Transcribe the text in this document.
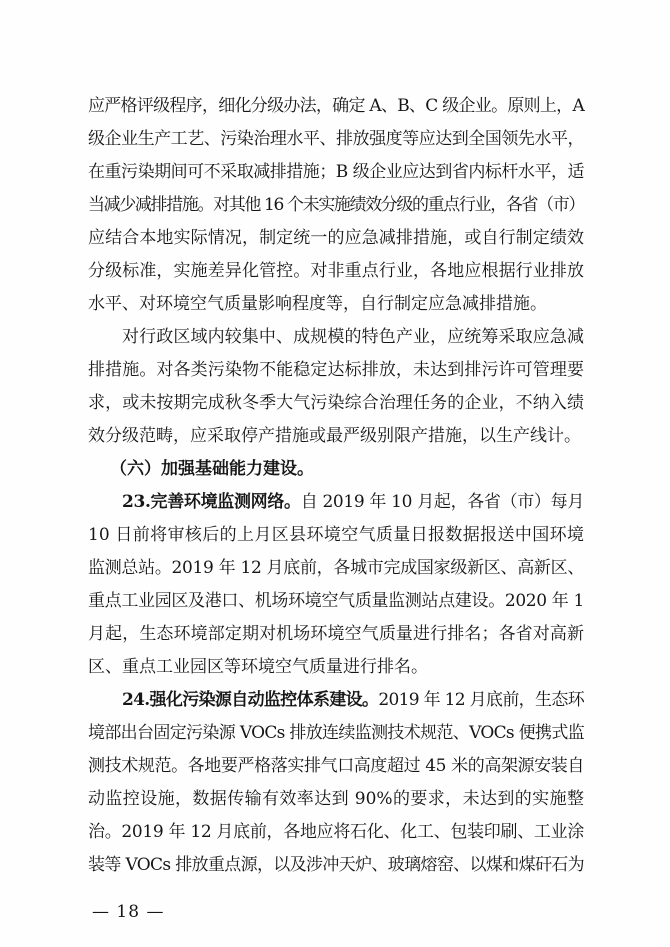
应严格评级程序，细化分级办法，确定 A、B、C 级企业。原则上，A
级企业生产工艺、污染治理水平、排放强度等应达到全国领先水平，
在重污染期间可不采取减排措施；B 级企业应达到省内标杆水平，适
当减少减排措施。对其他 16 个未实施绩效分级的重点行业，各省（市）
应结合本地实际情况，制定统一的应急减排措施，或自行制定绩效
分级标准，实施差异化管控。对非重点行业，各地应根据行业排放
水平、对环境空气质量影响程度等，自行制定应急减排措施。
对行政区域内较集中、成规模的特色产业，应统筹采取应急减
排措施。对各类污染物不能稳定达标排放，未达到排污许可管理要
求，或未按期完成秋冬季大气污染综合治理任务的企业，不纳入绩
效分级范畴，应采取停产措施或最严级别限产措施，以生产线计。
（六）加强基础能力建设。
23.完善环境监测网络。自 2019 年 10 月起，各省（市）每月
10 日前将审核后的上月区县环境空气质量日报数据报送中国环境
监测总站。2019 年 12 月底前，各城市完成国家级新区、高新区、
重点工业园区及港口、机场环境空气质量监测站点建设。2020 年 1
月起，生态环境部定期对机场环境空气质量进行排名；各省对高新
区、重点工业园区等环境空气质量进行排名。
24.强化污染源自动监控体系建设。2019 年 12 月底前，生态环
境部出台固定污染源 VOCs 排放连续监测技术规范、VOCs 便携式监
测技术规范。各地要严格落实排气口高度超过 45 米的高架源安装自
动监控设施，数据传输有效率达到 90%的要求，未达到的实施整
治。2019 年 12 月底前，各地应将石化、化工、包装印刷、工业涂
装等 VOCs 排放重点源，以及涉冲天炉、玻璃熔窑、以煤和煤矸石为
— 18 —
